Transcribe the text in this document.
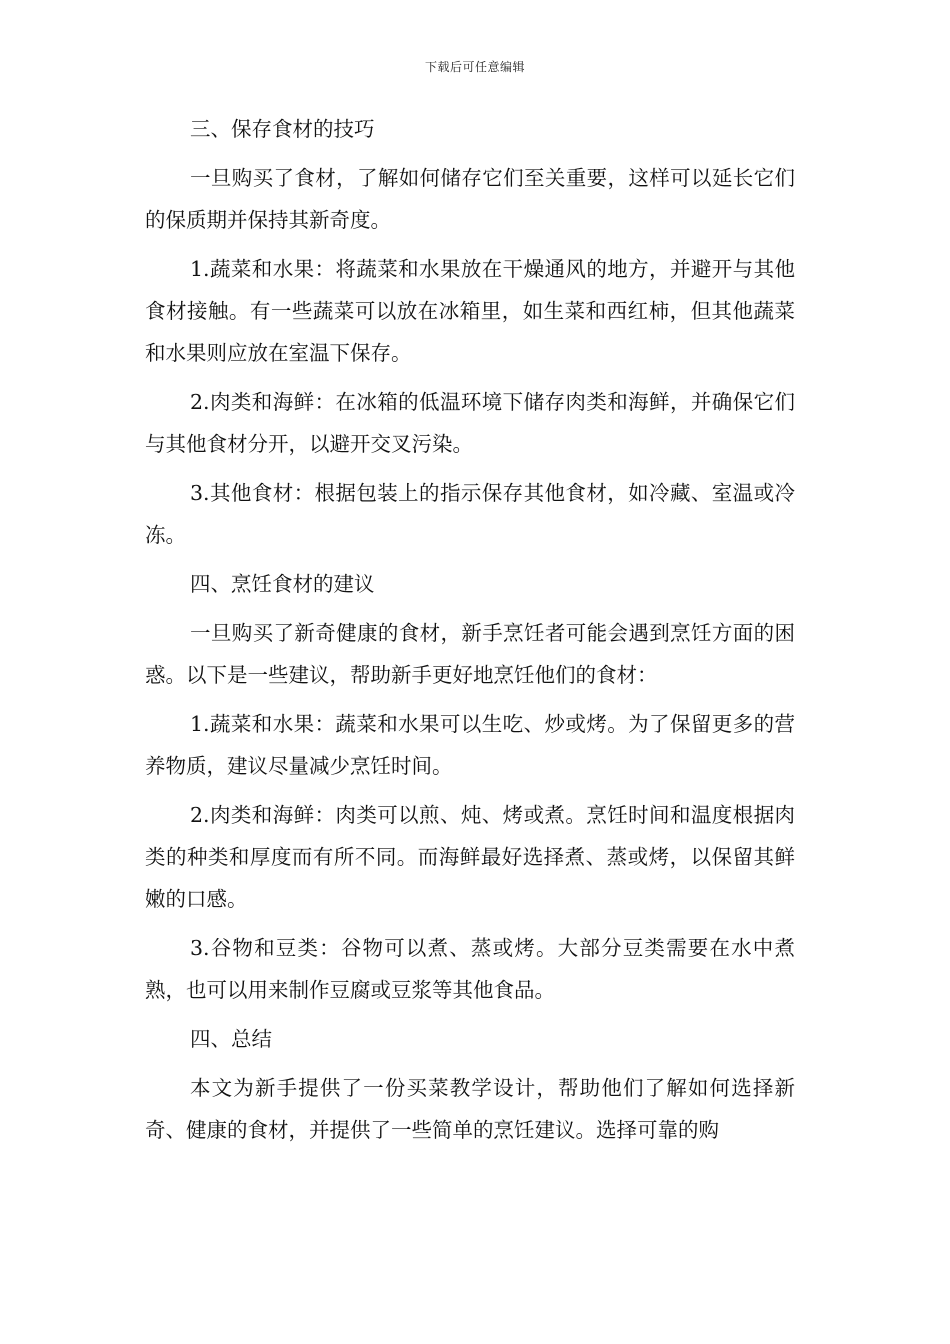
下载后可任意编辑

三、保存食材的技巧

一旦购买了食材，了解如何储存它们至关重要，这样可以延长它们的保质期并保持其新奇度。

1.蔬菜和水果：将蔬菜和水果放在干燥通风的地方，并避开与其他食材接触。有一些蔬菜可以放在冰箱里，如生菜和西红柿，但其他蔬菜和水果则应放在室温下保存。

2.肉类和海鲜：在冰箱的低温环境下储存肉类和海鲜，并确保它们与其他食材分开，以避开交叉污染。

3.其他食材：根据包装上的指示保存其他食材，如冷藏、室温或冷冻。

四、烹饪食材的建议

一旦购买了新奇健康的食材，新手烹饪者可能会遇到烹饪方面的困惑。以下是一些建议，帮助新手更好地烹饪他们的食材：

1.蔬菜和水果：蔬菜和水果可以生吃、炒或烤。为了保留更多的营养物质，建议尽量减少烹饪时间。

2.肉类和海鲜：肉类可以煎、炖、烤或煮。烹饪时间和温度根据肉类的种类和厚度而有所不同。而海鲜最好选择煮、蒸或烤，以保留其鲜嫩的口感。

3.谷物和豆类：谷物可以煮、蒸或烤。大部分豆类需要在水中煮熟，也可以用来制作豆腐或豆浆等其他食品。

四、总结

本文为新手提供了一份买菜教学设计，帮助他们了解如何选择新奇、健康的食材，并提供了一些简单的烹饪建议。选择可靠的购
